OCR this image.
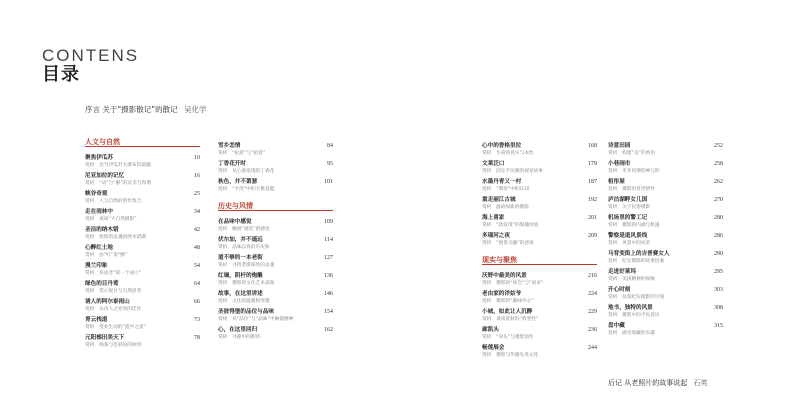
CONTENS
目录
序言 关于“摄影散记”的散记 吴化学
人文与自然
聚焦伊瓜苏
赏析　会当伊瓜苏大瀑布的震撼
10
尼亚加拉的记忆
赏析　“动”与“静”的反差与和谐
16
峡谷奇观
赏析　人与自然的创作契合
25
走在雨林中
赏析　谈谈“大自然摄影”
34
圣洁的纳木错
赏析　浓浓的灵魂的纳木错湖
42
心醉红土地
赏析　由“红”说“醉”
48
漫兰印象
赏析　乐由昔“第一个成立”
54
绿色的目丹莺
赏析　赏心悦目与自然思考
64
诱人的阿尔泰雨山
赏析　从动人之处到的佳作
66
青云栈道
赏析　变业生动的“遗中之道”
73
元阳梯田美天下
赏析　线条与色彩的的妙用
78
雪乡恋情
赏析　“拍意”与“拍意”
84
丁香花开时
赏析　从心底发现的丁香花
95
秋色，并不萧瑟
赏析　“平淡”中的大雅意蕴
101
历史与风情
在品味中感觉
赏析　触摸“感觉”的感觉
109
伏尔加，并不遥远
赏析　品味以真的历史和
114
道不够的一本老街
赏析　寻找老街深处的灵魂
127
红墙，阴杆的炮雕
赏析　摄影的文化艺术表现
136
故事，在这里讲述
赏析　文化的温暖和穿越
146
圣彼得堡的品位与品味
赏析　从“品位”与“品味”中触摸精神
154
心，在这里回归
赏析　寻静中的期待
162
心中的香格里拉
赏析　生命的真实与本性
168
文莱泛口
赏析　固定平民眼的视觉故事
179
水墨丹青又一村
赏析　“期待”中的认知
187
重走丽江古城
赏析　温故如新的摄影
192
海上喜家
赏析　“新发现”的保储价值
201
多瑙河之夜
赏析　“情景交融”的意境
209
现实与聚焦
沃野中最美的风景
赏析　摄影的“体会”与“回录”
216
老由家的洋姑爷
赏析　摄影的“趣味中心”
224
小城，如此让人沉醉
赏析　谈谈选材的“典型性”
229
廊凯头
赏析　“回头”与摄影创作
236
畅莲展会
赏析　摄影与传播先进文化
244
诗意田园
赏析　构建“美”的妙用
252
小巷闹市
赏析　市井风情的神与形
258
桓彤屋
赏析　摄影的普世情怀
262
泸沽湖畔女儿国
赏析　关于民俗摄影
270
机场里的警工记
赏析　摄影的内涵与机遇
280
警察是道风景线
赏析　风景中的风采
286
马背变街上的吉普赛女人
赏析　纪实摄影的故事因素
290
走进好莱坞
赏析　美国精神的视频
295
开心时刻
赏析　品鉴纪实摄影的空间
303
地书，独特的风景
赏析　摄影中的平民意识
308
盘中藏
赏析　感受收藏的乐趣
315
后记 从老照片的故事说起 石英
